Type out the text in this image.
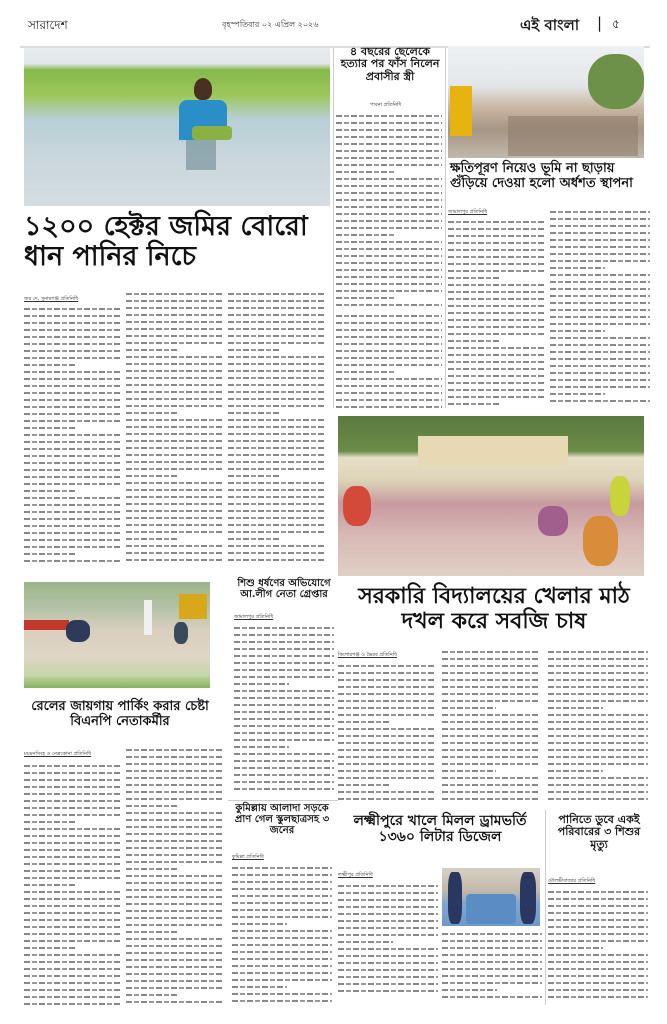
সারাদেশ	বৃহস্পতিবার ০২ এপ্রিল ২০২৬	এই বাংলা | ৫
১২০০ হেক্টর জমির বোরো ধান পানির নিচে
জয় দে, সুনামগঞ্জ প্রতিনিধি
৪ বছরের ছেলেকে হত্যার পর ফাঁস নিলেন প্রবাসীর স্ত্রী
পাবনা প্রতিনিধি
ক্ষতিপূরণ নিয়েও ভূমি না ছাড়ায় গুঁড়িয়ে দেওয়া হলো অর্ধশত স্থাপনা
জামালপুর প্রতিনিধি
সরকারি বিদ্যালয়ের খেলার মাঠ দখল করে সবজি চাষ
কিশোরগঞ্জ ও ভৈরব প্রতিনিধি
শিশু ধর্ষণের অভিযোগে আ.লীগ নেতা গ্রেপ্তার
জামালপুর প্রতিনিধি
রেলের জায়গায় পার্কিং করার চেষ্টা বিএনপি নেতাকর্মীর
ময়মনসিংহ ও নেত্রকোনা প্রতিনিধি
কুমিল্লায় আলাদা সড়কে প্রাণ গেল স্কুলছাত্রসহ ৩ জনের
কুমিল্লা প্রতিনিধি
লক্ষ্মীপুরে খালে মিলল ড্রামভর্তি ১৩৬০ লিটার ডিজেল
লক্ষ্মীপুর প্রতিনিধি
পানিতে ডুবে একই পরিবারের ৩ শিশুর মৃত্যু
মৌলভীবাজার প্রতিনিধি
